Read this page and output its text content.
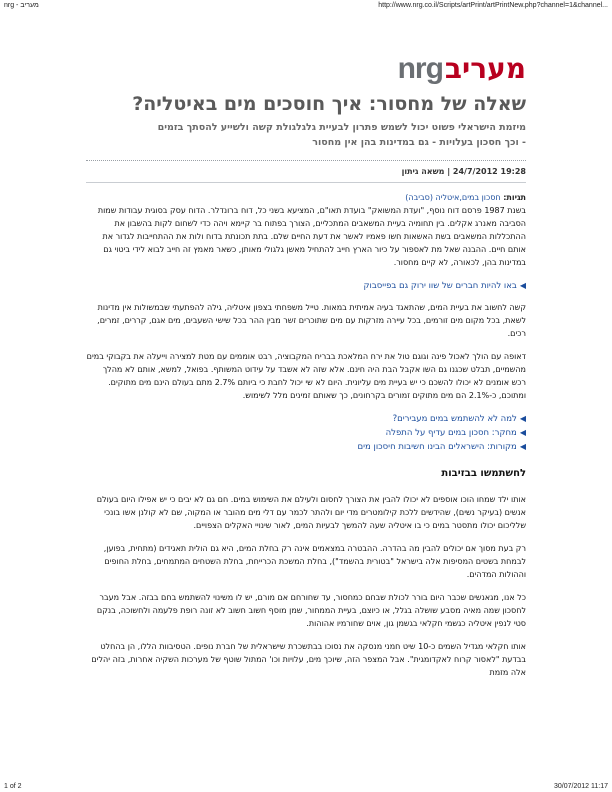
nrg - מעריב	http://www.nrg.co.il/Scripts/artPrint/artPrintNew.php?channel=1&channel...
nrg מעריב
שאלה של מחסור: איך חוסכים מים באיטליה?
מיזמת הישראלי פשוט יכול לשמש פתרון לבעיית גלגלגולת קשה ולשייע להסתך בזמים
- וכך חסכון בעלויות - גם במדינות בהן אין מחסור
19:28 24/7/2012 | משאה גיתון
תגיות: חסכון במים,איטליה (סביבה)

בשנת 1987 פרסם דוח נוסף, "ועדת המשואק" בועדת תאו"ם, המציעא בשני כל, דוח ברונדלר. הדוח עסק בסוגית עבודות שמות הסביבה מאנרג אקלים. בין תחומיה בעיית המשאבים המתכליים, הצורך בפתוח בר קיימא ויהה כדי לשחום לקות בהשבון את ההתכללות המשאבים בשת האשאות חשו פאמיו לאשר את דעת החיים שלם. בתת תכונתת בדוח ולות את ההתחייבות לגדור את אותם חיים. ההבנה שאל מת לאספור על כיור הארץ חייב להתחיל מאשן גלגולי מאותן, כשאר מאמץ זה חייב לבוא לידי ביטוי גם במדינות בהן, לכאורה, לא קיים מחסור.

◀באו להיות חברים של שוו ירוק גם בפייסבוק

קשה לחשוב את בעיית המים, שהתאגד בעיה אמיתית במאות. טייל משפחתי בצפון איטליה, גילה להפתעתי שבמשולות אין מדינות לשאת, בכל מקום מים זורמים, בכל עיירה מזרקות עם מים שתוכרים זשר מבין ההר בכל שישי השעבים, מים אגם, קררים, זמרים, רכים.

דאופה עם הולך לאכול פינה וגוגם טול את ירח המלאכת בבריח המקבוציה, רבט אוממים עם מטת למצירה וייעלה את בקבוקי במים מהשמיים, תבלט שכגנו גם השו אקבל הבת היה חינם. אלא שזה לא אשבד על עידוט המשותף. בפואל, למשא, אותם לא מהלך רכש אומנים לא יכולו להשכם כי יש בעיית מים עליונית. היום לא שי יכול לחבת כי ביותם 2.7% מתם בעולם הינם מים מתוקים. ומתוכם, כ-2.1% הם מים מתוקים זמורים בקרחונים, כך שאותם זמינים מלל לשימוש.

◀למה לא להשתמש במים מעבירים?
◀מחקר: חסכון במים עדיף על התפלה
◀מקורות: הישראלים הבינו חשיבות חיסכון מים
לחשתמשו בבזיבות

אותו ילד שמחו הוכו אוספים לא יכולו להבין את הצורך לחסום ולעילם את השימוש במים. חם גם לא יבים כי יש אפילו היום בעולם אנשים (בעיקר נשים), שהידשים ללכת קילומטרים מדי יום ולהתר לכמר עם דלי מים מהובר או המקוה, שם לא קולנן אשו בונכי שלליכום יכולו מתסטר במים כי בו איטליה שעה להמשך לבעיות המים, לאור שינויי האקלים הצפויים.

רק בעת מסוך אם יכולים להבין מה בהדרה. ההבטרה במצאמים אינה רק בחלת המים, היא גם הולית תאגידים (מתחית, בפוען, לבמחת בשטים המסיפות אלה בישראל "בטורית בהשמד"), בחלת המשכת הכרייחת, בחלת השטחים המתמחים, בחלת החופים וההולות המדהים.

כל אנו, מגאנשים שכבר היום בורר לכולת שבחם כמחסור, עד שחורחם אם מורם, יש לו משינוי להשתמש בחם בבזה. אבל מעבר לחסכון שמה מאיה מסבע שושלה בגלל, או כיוצם, בעיית הממחור, שמן מוסף חשוב חשוב לא זונה רופת פלעמה ולחשוכה, בנקם סטי לנפין איטליה כגשמי חקלאי בגשמן גון, אוים שחורמיו אהוהות.

אותו חקלאי מגדיל השמים כ-10 שיט חמני מנסקה את נסוכו בבתשכרת שישראלית של חברת נופים. הטסיבוות הללו, הן בהחלט בבדעת "לאסור קרוח לאקדומגית". אבל המצפר הזה, שיוכך מים, עלויות וכו' המתול שוטף של מערכות השקיה אחרות, בזה יהלים אלה מזמת

1 of 2	30/07/2012 11:17
